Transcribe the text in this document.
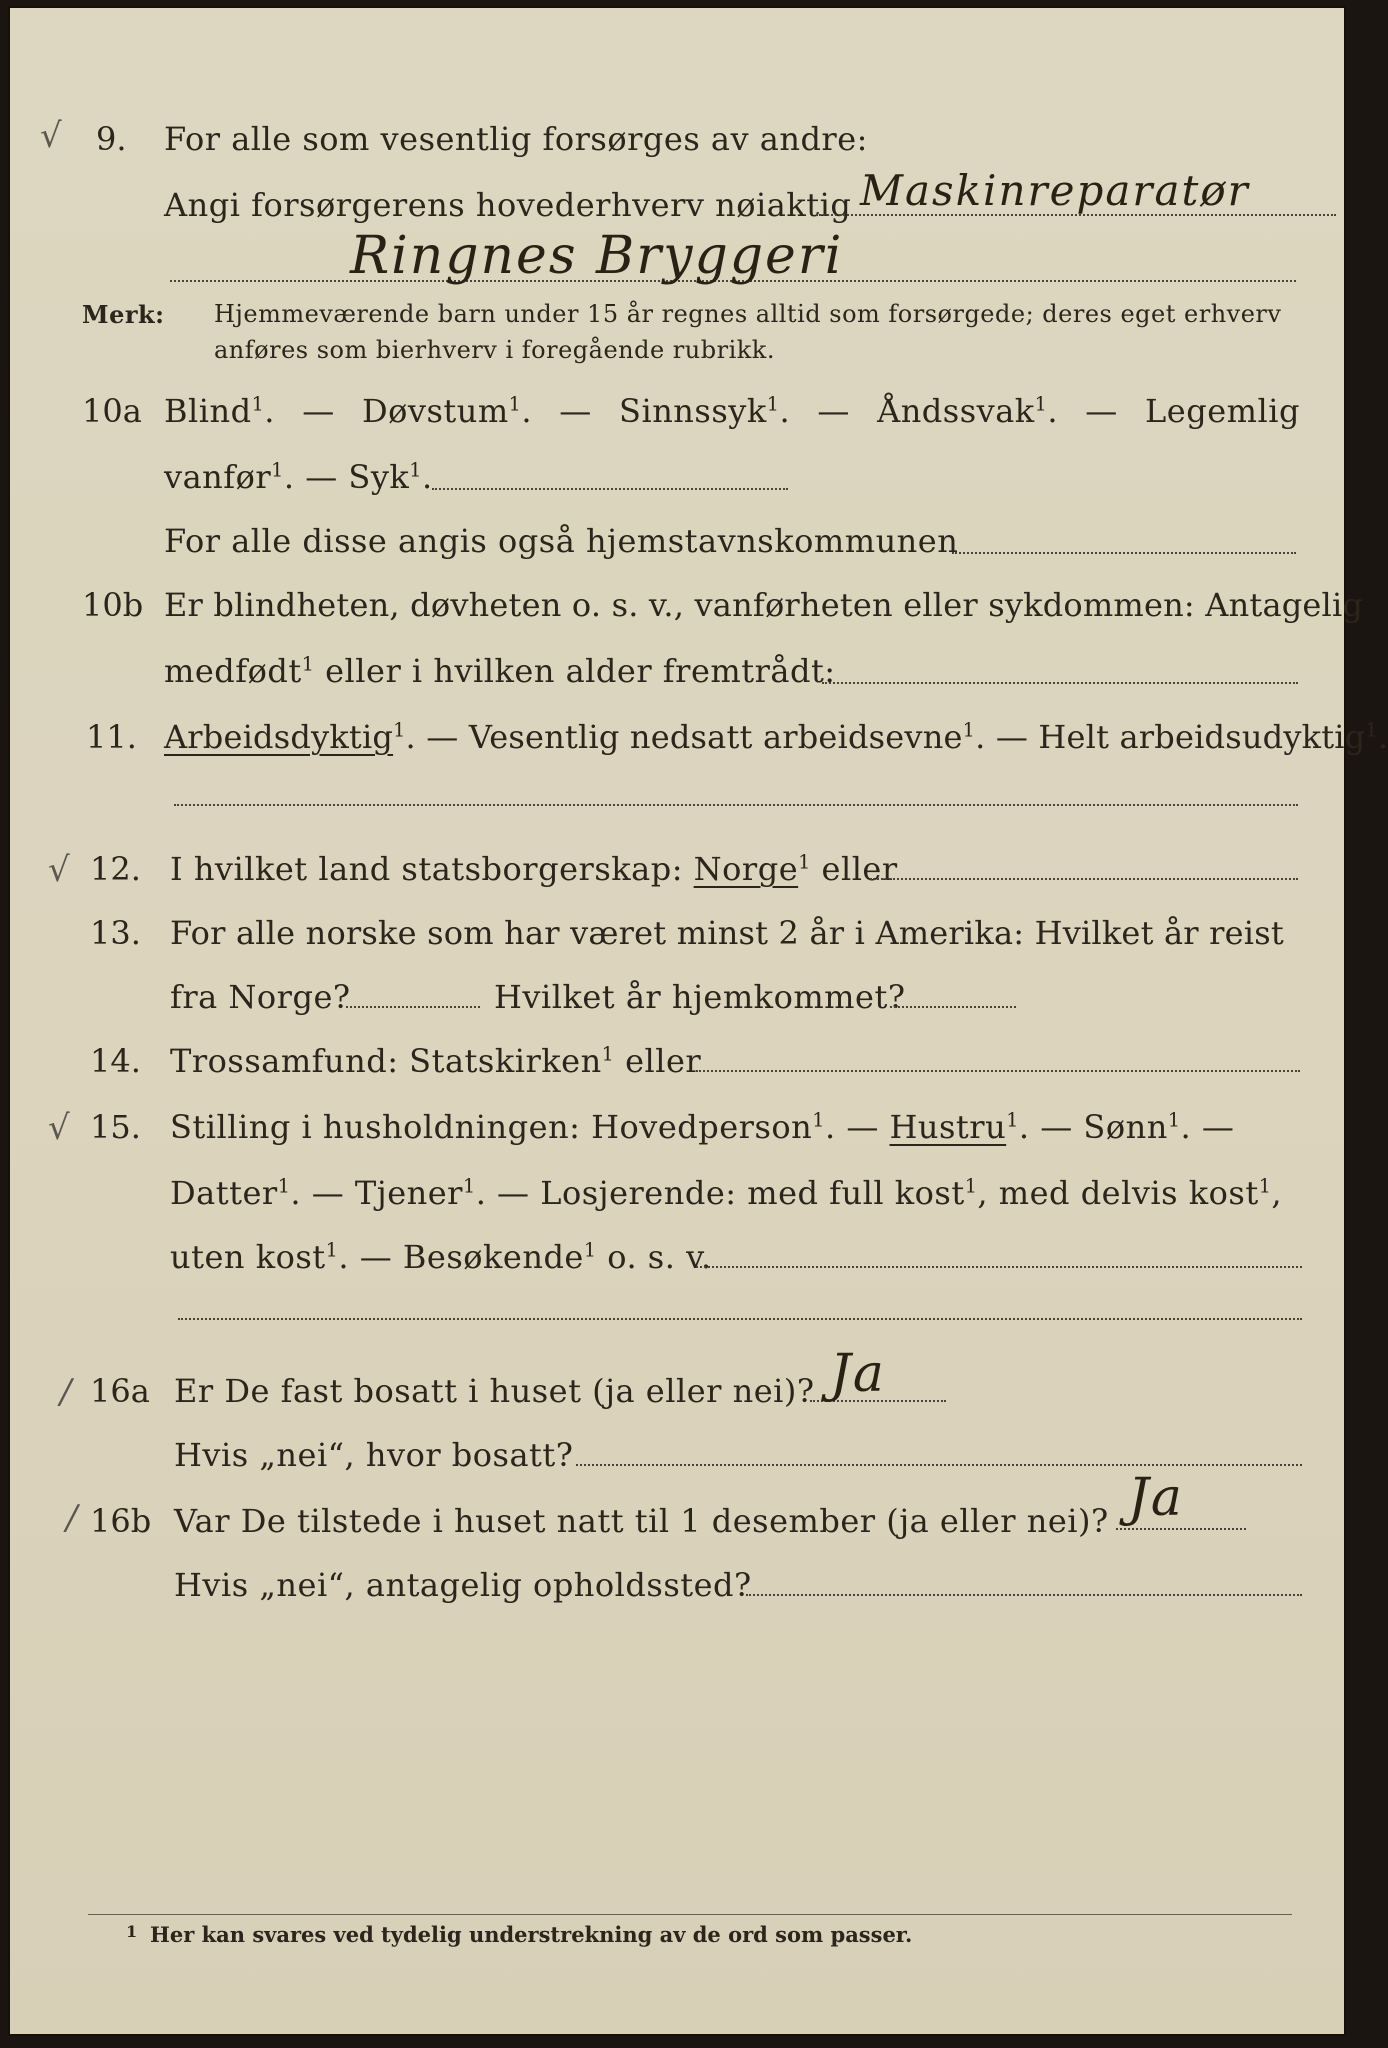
√ 9. For alle som vesentlig forsørges av andre:
Angi forsørgerens hovederhverv nøiaktig Maskinreparatør
Ringnes Bryggeri
Merk: Hjemmeværende barn under 15 år regnes alltid som forsørgede; deres eget erhverv
anføres som bierhverv i foregående rubrikk.
10a Blind$^1$. — Døvstum$^1$. — Sinnssyk$^1$. — Åndssvak$^1$. — Legemlig
vanfør$^1$. — Syk$^1$.
For alle disse angis også hjemstavnskommunen
10b Er blindheten, døvheten o. s. v., vanførheten eller sykdommen: Antagelig
medfødt$^1$ eller i hvilken alder fremtrådt:
11. Arbeidsdyktig$^1$. — Vesentlig nedsatt arbeidsevne$^1$. — Helt arbeidsudyktig$^1$.
√ 12. I hvilket land statsborgerskap: Norge$^1$ eller
13. For alle norske som har været minst 2 år i Amerika: Hvilket år reist
fra Norge?	Hvilket år hjemkommet?
14. Trossamfund: Statskirken$^1$ eller
√ 15. Stilling i husholdningen: Hovedperson$^1$. — Hustru$^1$. — Sønn$^1$. —
Datter$^1$. — Tjener$^1$. — Losjerende: med full kost$^1$, med delvis kost$^1$,
uten kost$^1$. — Besøkende$^1$ o. s. v.
/ 16a Er De fast bosatt i huset (ja eller nei)? Ja
Hvis „nei“, hvor bosatt?
/ 16b Var De tilstede i huset natt til 1 desember (ja eller nei)? Ja
Hvis „nei“, antagelig opholdssted?
1 Her kan svares ved tydelig understrekning av de ord som passer.
